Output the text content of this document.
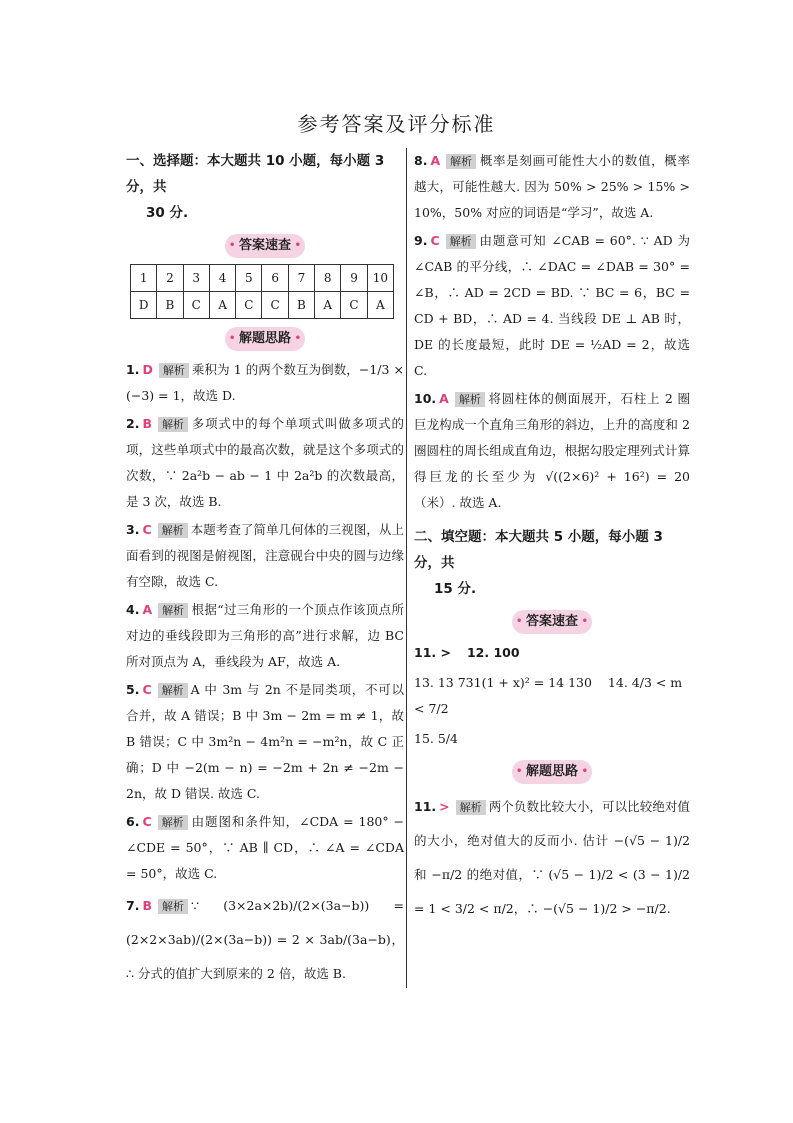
参考答案及评分标准
一、选择题：本大题共 10 小题，每小题 3 分，共
30 分.
• 答案速查 •
1	2	3	4	5	6	7	8	9	10
D	B	C	A	C	C	B	A	C	A
• 解题思路 •
1. D 解析 乘积为 1 的两个数互为倒数，−1/3 × (−3) = 1，故选 D.
2. B 解析 多项式中的每个单项式叫做多项式的项，这些单项式中的最高次数，就是这个多项式的次数，∵ 2a²b − ab − 1 中 2a²b 的次数最高，是 3 次，故选 B.
3. C 解析 本题考查了简单几何体的三视图，从上面看到的视图是俯视图，注意砚台中央的圆与边缘有空隙，故选 C.
4. A 解析 根据“过三角形的一个顶点作该顶点所对边的垂线段即为三角形的高”进行求解，边 BC 所对顶点为 A，垂线段为 AF，故选 A.
5. C 解析 A 中 3m 与 2n 不是同类项，不可以合并，故 A 错误；B 中 3m − 2m = m ≠ 1，故 B 错误；C 中 3m²n − 4m²n = −m²n，故 C 正确；D 中 −2(m − n) = −2m + 2n ≠ −2m − 2n，故 D 错误. 故选 C.
6. C 解析 由题图和条件知，∠CDA = 180° − ∠CDE = 50°，∵ AB ∥ CD，∴ ∠A = ∠CDA = 50°，故选 C.
7. B 解析 ∵ (3×2a×2b)/(2×(3a−b)) = (2×2×3ab)/(2×(3a−b)) = 2 × 3ab/(3a−b)，∴ 分式的值扩大到原来的 2 倍，故选 B.
8. A 解析 概率是刻画可能性大小的数值，概率越大，可能性越大. 因为 50% > 25% > 15% > 10%，50% 对应的词语是“学习”，故选 A.
9. C 解析 由题意可知 ∠CAB = 60°. ∵ AD 为 ∠CAB 的平分线，∴ ∠DAC = ∠DAB = 30° = ∠B，∴ AD = 2CD = BD. ∵ BC = 6，BC = CD + BD，∴ AD = 4. 当线段 DE ⊥ AB 时，DE 的长度最短，此时 DE = ½AD = 2，故选 C.
10. A 解析 将圆柱体的侧面展开，石柱上 2 圈巨龙构成一个直角三角形的斜边，上升的高度和 2 圈圆柱的周长组成直角边，根据勾股定理列式计算得巨龙的长至少为 √((2×6)² + 16²) = 20（米）. 故选 A.
二、填空题：本大题共 5 小题，每小题 3 分，共
15 分.
• 答案速查 •
11. > 12. 100
13. 13 731(1 + x)² = 14 130 14. 4/3 < m < 7/2
15. 5/4
• 解题思路 •
11. > 解析 两个负数比较大小，可以比较绝对值的大小，绝对值大的反而小. 估计 −(√5 − 1)/2 和 −π/2 的绝对值，∵ (√5 − 1)/2 < (3 − 1)/2 = 1 < 3/2 < π/2，∴ −(√5 − 1)/2 > −π/2.
